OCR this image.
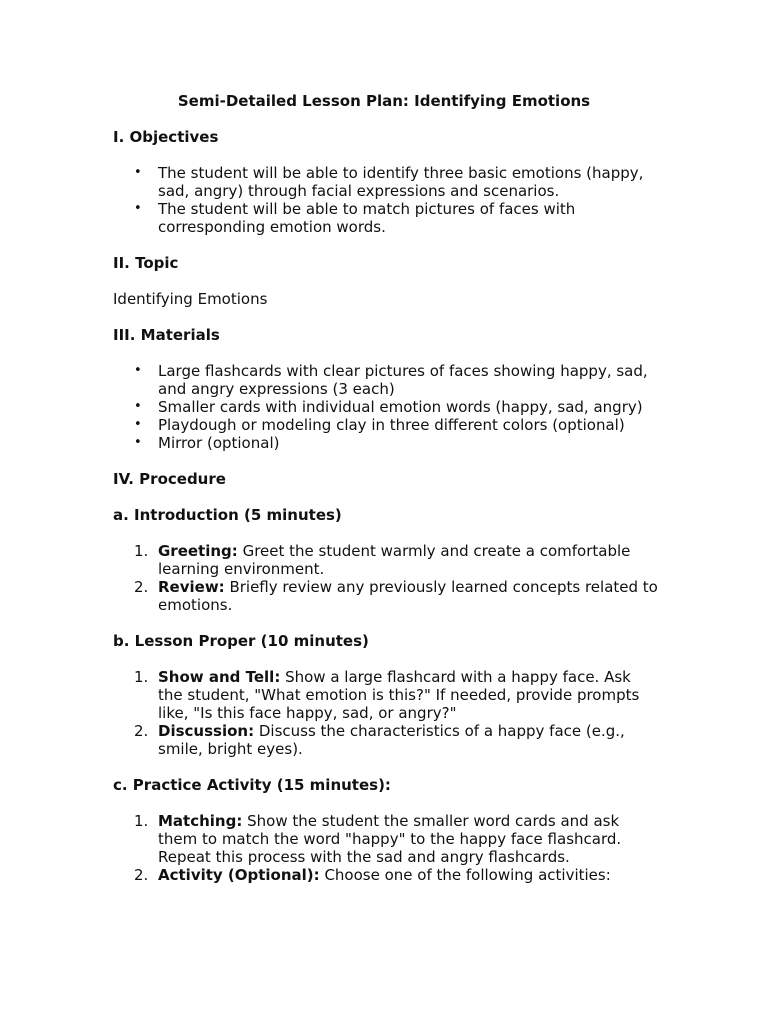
Semi-Detailed Lesson Plan: Identifying Emotions
I. Objectives
• The student will be able to identify three basic emotions (happy, sad, angry) through facial expressions and scenarios.
• The student will be able to match pictures of faces with corresponding emotion words.
II. Topic
Identifying Emotions
III. Materials
• Large flashcards with clear pictures of faces showing happy, sad, and angry expressions (3 each)
• Smaller cards with individual emotion words (happy, sad, angry)
• Playdough or modeling clay in three different colors (optional)
• Mirror (optional)
IV. Procedure
a. Introduction (5 minutes)
1. Greeting: Greet the student warmly and create a comfortable learning environment.
2. Review: Briefly review any previously learned concepts related to emotions.
b. Lesson Proper (10 minutes)
1. Show and Tell: Show a large flashcard with a happy face. Ask the student, "What emotion is this?" If needed, provide prompts like, "Is this face happy, sad, or angry?"
2. Discussion: Discuss the characteristics of a happy face (e.g., smile, bright eyes).
c. Practice Activity (15 minutes):
1. Matching: Show the student the smaller word cards and ask them to match the word "happy" to the happy face flashcard. Repeat this process with the sad and angry flashcards.
2. Activity (Optional): Choose one of the following activities:
